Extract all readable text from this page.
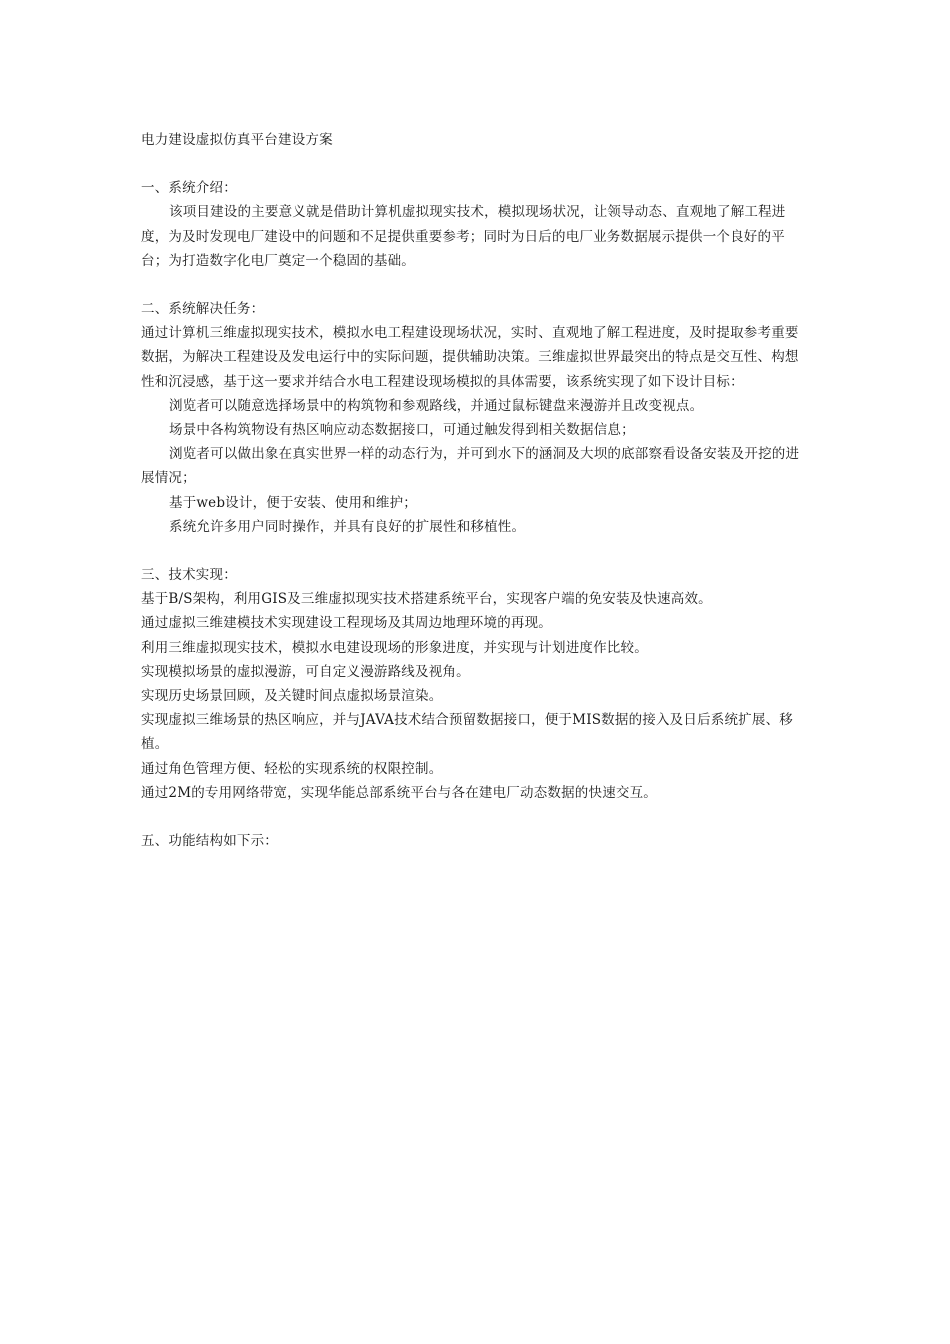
电力建设虚拟仿真平台建设方案

一、系统介绍：

该项目建设的主要意义就是借助计算机虚拟现实技术，模拟现场状况，让领导动态、直观地了解工程进度，为及时发现电厂建设中的问题和不足提供重要参考；同时为日后的电厂业务数据展示提供一个良好的平台；为打造数字化电厂奠定一个稳固的基础。

二、系统解决任务：

通过计算机三维虚拟现实技术，模拟水电工程建设现场状况，实时、直观地了解工程进度，及时提取参考重要数据，为解决工程建设及发电运行中的实际问题，提供辅助决策。三维虚拟世界最突出的特点是交互性、构想性和沉浸感，基于这一要求并结合水电工程建设现场模拟的具体需要，该系统实现了如下设计目标：

浏览者可以随意选择场景中的构筑物和参观路线，并通过鼠标键盘来漫游并且改变视点。

场景中各构筑物设有热区响应动态数据接口，可通过触发得到相关数据信息；

浏览者可以做出象在真实世界一样的动态行为，并可到水下的涵洞及大坝的底部察看设备安装及开挖的进展情况；

基于web设计，便于安装、使用和维护；

系统允许多用户同时操作，并具有良好的扩展性和移植性。

三、技术实现：

基于B/S架构，利用GIS及三维虚拟现实技术搭建系统平台，实现客户端的免安装及快速高效。

通过虚拟三维建模技术实现建设工程现场及其周边地理环境的再现。

利用三维虚拟现实技术，模拟水电建设现场的形象进度，并实现与计划进度作比较。

实现模拟场景的虚拟漫游，可自定义漫游路线及视角。

实现历史场景回顾，及关键时间点虚拟场景渲染。

实现虚拟三维场景的热区响应，并与JAVA技术结合预留数据接口，便于MIS数据的接入及日后系统扩展、移植。

通过角色管理方便、轻松的实现系统的权限控制。

通过2M的专用网络带宽，实现华能总部系统平台与各在建电厂动态数据的快速交互。

五、功能结构如下示：
